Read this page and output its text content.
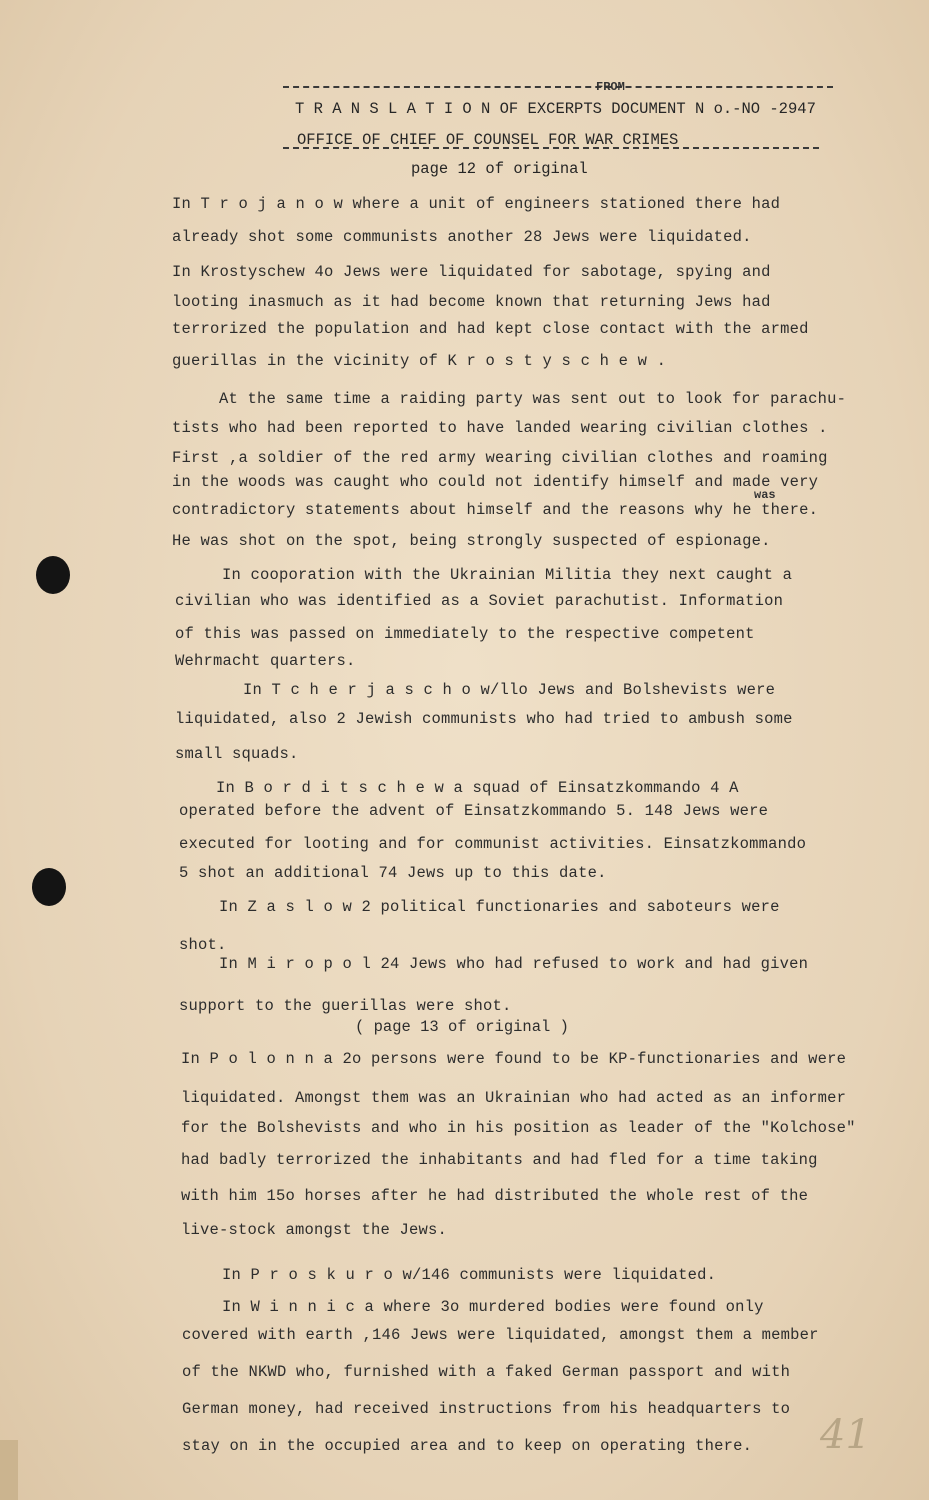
FROM
T R A N S L A T I O N OF EXCERPTS DOCUMENT N o.-NO -2947
OFFICE OF CHIEF OF COUNSEL FOR WAR CRIMES
page 12 of original
was
In T r o j a n o w where a unit of engineers stationed there had
already shot some communists another 28 Jews were liquidated.
In Krostyschew 4o Jews were liquidated for sabotage, spying and
looting inasmuch as it had become known that returning Jews had
terrorized the population and had kept close contact with the armed
guerillas in the vicinity of K r o s t y s c h e w .
At the same time a raiding party was sent out to look for parachu-
tists who had been reported to have landed wearing civilian clothes .
First ,a soldier of the red army wearing civilian clothes and roaming
in the woods was caught who could not identify himself and made very
contradictory statements about himself and the reasons why he there.
He was shot on the spot, being strongly suspected of espionage.
In cooporation with the Ukrainian Militia they next caught a
civilian who was identified as a Soviet parachutist. Information
of this was passed on immediately to the respective competent
Wehrmacht quarters.
In T c h e r j a s c h o w/llo Jews and Bolshevists were
liquidated, also 2 Jewish communists who had tried to ambush some
small squads.
In B o r d i t s c h e w a squad of Einsatzkommando 4 A
operated before the advent of Einsatzkommando 5. 148 Jews were
executed for looting and for communist activities. Einsatzkommando
5 shot an additional 74 Jews up to this date.
In Z a s l o w 2 political functionaries and saboteurs were
shot.
In M i r o p o l 24 Jews who had refused to work and had given
support to the guerillas were shot.
( page 13 of original )
In P o l o n n a 2o persons were found to be KP-functionaries and were
liquidated. Amongst them was an Ukrainian who had acted as an informer
for the Bolshevists and who in his position as leader of the "Kolchose"
had badly terrorized the inhabitants and had fled for a time taking
with him 15o horses after he had distributed the whole rest of the
live-stock amongst the Jews.
In P r o s k u r o w/146 communists were liquidated.
In W i n n i c a where 3o murdered bodies were found only
covered with earth ,146 Jews were liquidated, amongst them a member
of the NKWD who, furnished with a faked German passport and with
German money, had received instructions from his headquarters to
stay on in the occupied area and to keep on operating there. 41
